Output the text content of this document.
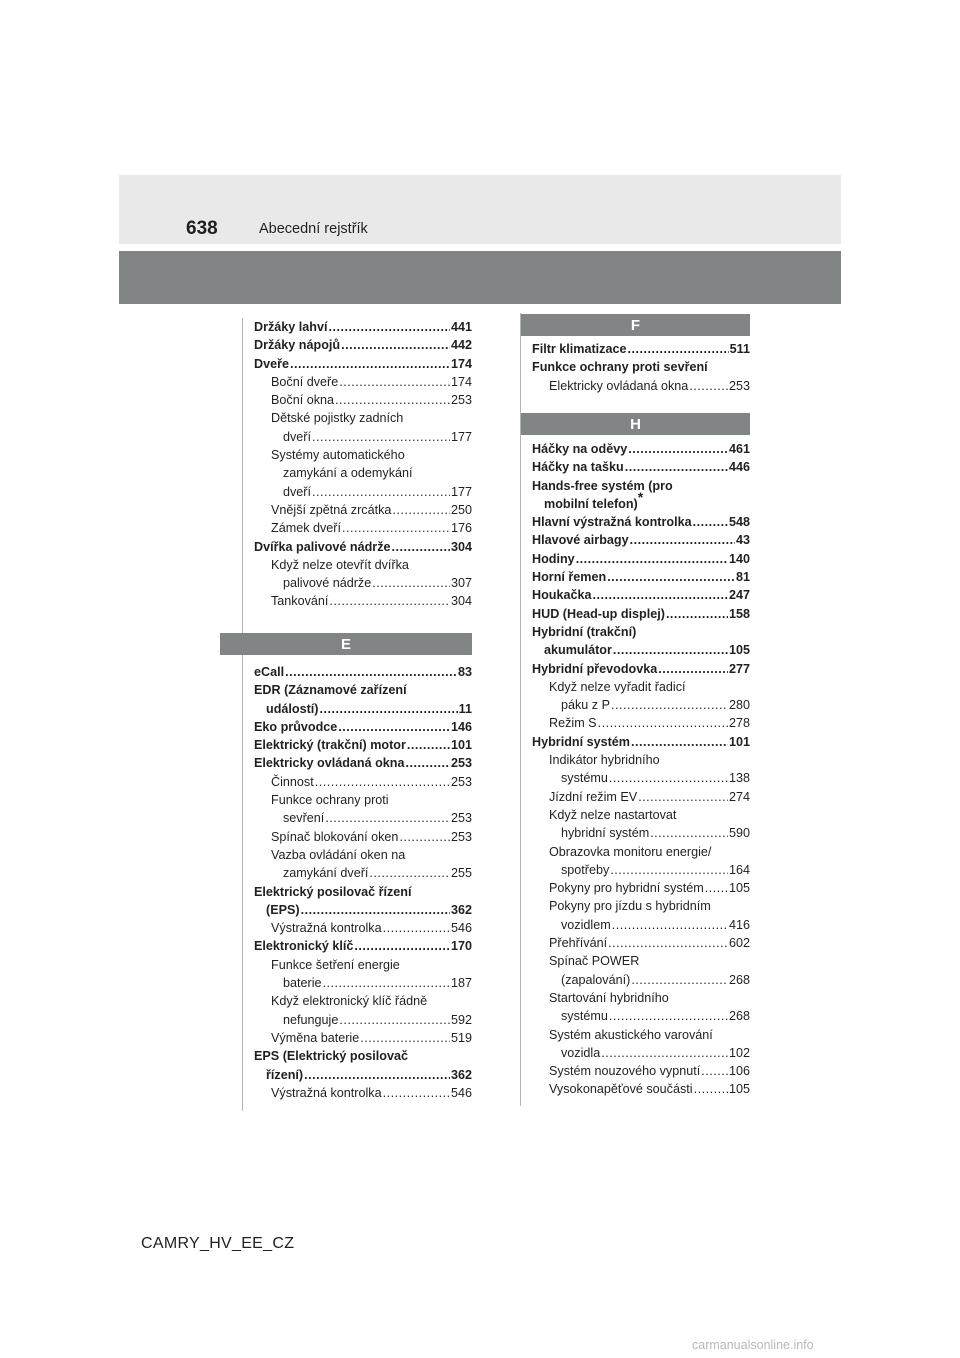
638	Abecední rejstřík
Držáky lahví .....	441
Držáky nápojů .....	442
Dveře .....	174
Boční dveře .....	174
Boční okna .....	253
Dětské pojistky zadních
dveří .....	177
Systémy automatického
zamykání a odemykání
dveří .....	177
Vnější zpětná zrcátka .....	250
Zámek dveří .....	176
Dvířka palivové nádrže .....	304
Když nelze otevřít dvířka
palivové nádrže .....	307
Tankování .....	304
E
eCall .....	83
EDR (Záznamové zařízení
událostí) .....	11
Eko průvodce .....	146
Elektrický (trakční) motor .....	101
Elektricky ovládaná okna .....	253
Činnost .....	253
Funkce ochrany proti
sevření .....	253
Spínač blokování oken .....	253
Vazba ovládání oken na
zamykání dveří .....	255
Elektrický posilovač řízení
(EPS) .....	362
Výstražná kontrolka .....	546
Elektronický klíč .....	170
Funkce šetření energie
baterie .....	187
Když elektronický klíč řádně
nefunguje .....	592
Výměna baterie .....	519
EPS (Elektrický posilovač
řízení) .....	362
Výstražná kontrolka .....	546
F
Filtr klimatizace .....	511
Funkce ochrany proti sevření
Elektricky ovládaná okna .....	253
H
Háčky na oděvy .....	461
Háčky na tašku .....	446
Hands-free systém (pro
mobilní telefon)*
Hlavní výstražná kontrolka .....	548
Hlavové airbagy .....	43
Hodiny .....	140
Horní řemen .....	81
Houkačka .....	247
HUD (Head-up displej) .....	158
Hybridní (trakční)
akumulátor .....	105
Hybridní převodovka .....	277
Když nelze vyřadit řadicí
páku z P .....	280
Režim S .....	278
Hybridní systém .....	101
Indikátor hybridního
systému .....	138
Jízdní režim EV .....	274
Když nelze nastartovat
hybridní systém .....	590
Obrazovka monitoru energie/
spotřeby .....	164
Pokyny pro hybridní systém ..... 105
Pokyny pro jízdu s hybridním
vozidlem .....	416
Přehřívání .....	602
Spínač POWER
(zapalování) .....	268
Startování hybridního
systému .....	268
Systém akustického varování
vozidla .....	102
Systém nouzového vypnutí ..... 106
Vysokonapěťové součásti .....	105
CAMRY_HV_EE_CZ
carmanualsonline.info
